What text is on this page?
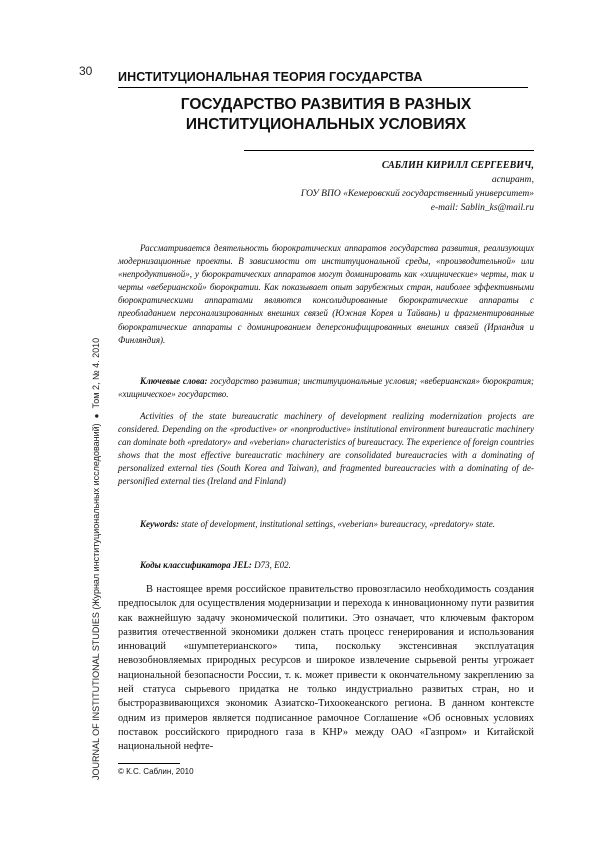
30 ИНСТИТУЦИОНАЛЬНАЯ ТЕОРИЯ ГОСУДАРСТВА
JOURNAL OF INSTITUTIONAL STUDIES (Журнал институциональных исследований)●Том 2, № 4. 2010
ГОСУДАРСТВО РАЗВИТИЯ В РАЗНЫХ
ИНСТИТУЦИОНАЛЬНЫХ УСЛОВИЯХ
САБЛИН КИРИЛЛ СЕРГЕЕВИЧ,
аспирант,
ГОУ ВПО «Кемеровский государственный университет»
e-mail: Sablin_ks@mail.ru

Рассматривается деятельность бюрократических аппаратов государства развития, реализующих модернизационные проекты. В зависимости от институциональной среды, «производительной» или «непродуктивной», у бюрократических аппаратов могут доминировать как «хищнические» черты, так и черты «веберианской» бюрократии. Как показывает опыт зарубежных стран, наиболее эффективными бюрократическими аппаратами являются консолидированные бюрократические аппараты с преобладанием персонализированных внешних связей (Южная Корея и Тайвань) и фрагментированные бюрократические аппараты с доминированием деперсонифицированных внешних связей (Ирландия и Финляндия).

Ключевые слова: государство развития; институциональные условия; «веберианская» бюрократия; «хищническое» государство.

Activities of the state bureaucratic machinery of development realizing modernization projects are considered. Depending on the «productive» or «nonproductive» institutional environment bureaucratic machinery can dominate both «predatory» and «veberian» characteristics of bureaucracy. The experience of foreign countries shows that the most effective bureaucratic machinery are consolidated bureaucracies with a dominating of personalized external ties (South Korea and Taiwan), and fragmented bureaucracies with a dominating of de-personified external ties (Ireland and Finland)

Keywords: state of development, institutional settings, «veberian» bureaucracy, «predatory» state.

Коды классификатора JEL: D73, E02.

В настоящее время российское правительство провозгласило необходимость создания предпосылок для осуществления модернизации и перехода к инновационному пути развития как важнейшую задачу экономической политики. Это означает, что ключевым фактором развития отечественной экономики должен стать процесс генерирования и использования инноваций «шумпетерианского» типа, поскольку экстенсивная эксплуатация невозобновляемых природных ресурсов и широкое извлечение сырьевой ренты угрожает национальной безопасности России, т. к. может привести к окончательному закреплению за ней статуса сырьевого придатка не только индустриально развитых стран, но и быстроразвивающихся экономик Азиатско-Тихоокеанского региона. В данном контексте одним из примеров является подписанное рамочное Соглашение «Об основных условиях поставок российского природного газа в КНР» между ОАО «Газпром» и Китайской национальной нефте-

© К.С. Саблин, 2010
